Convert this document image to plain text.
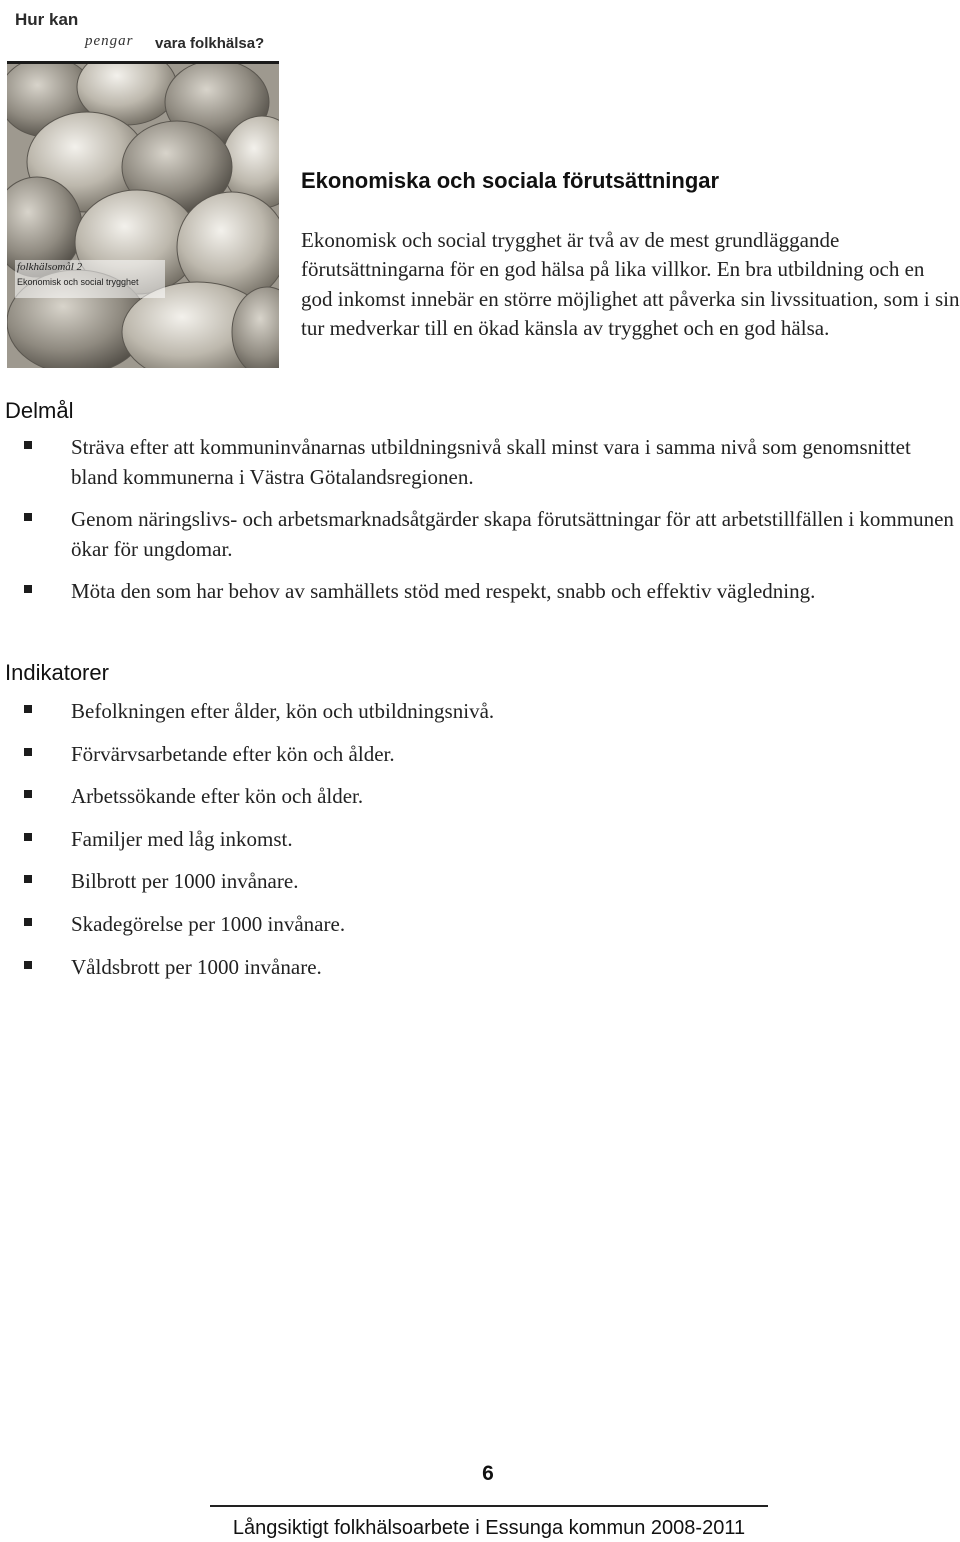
Hur kan
pengar vara folkhälsa?
folkhälsomål 2
Ekonomisk och social trygghet
Ekonomiska och sociala förutsättningar

Ekonomisk och social trygghet är två av de mest grundläggande förutsättningarna för en god hälsa på lika villkor. En bra utbildning och en god inkomst innebär en större möjlighet att påverka sin livssituation, som i sin tur medverkar till en ökad känsla av trygghet och en god hälsa.

Delmål
Sträva efter att kommuninvånarnas utbildningsnivå skall minst vara i samma nivå som genomsnittet bland kommunerna i Västra Götalandsregionen.
Genom näringslivs- och arbetsmarknadsåtgärder skapa förutsättningar för att arbetstillfällen i kommunen ökar för ungdomar.
Möta den som har behov av samhällets stöd med respekt, snabb och effektiv vägledning.
Indikatorer
Befolkningen efter ålder, kön och utbildningsnivå.
Förvärvsarbetande efter kön och ålder.
Arbetssökande efter kön och ålder.
Familjer med låg inkomst.
Bilbrott per 1000 invånare.
Skadegörelse per 1000 invånare.
Våldsbrott per 1000 invånare.
6
Långsiktigt folkhälsoarbete i Essunga kommun 2008-2011
